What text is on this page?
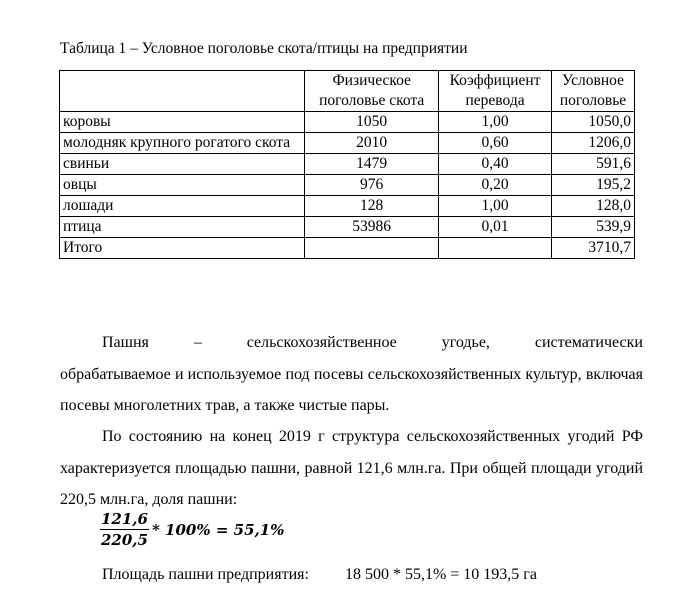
Таблица 1 – Условное поголовье скота/птицы на предприятии
	Физическое поголовье скота	Коэффициент перевода	Условное поголовье
коровы	1050	1,00	1050,0
молодняк крупного рогатого скота	2010	0,60	1206,0
свиньи	1479	0,40	591,6
овцы	976	0,20	195,2
лошади	128	1,00	128,0
птица	53986	0,01	539,9
Итого			3710,7
Пашня	–	сельскохозяйственное	угодье,	систематически
обрабатываемое и используемое под посевы сельскохозяйственных культур, включая посевы многолетних трав, а также чистые пары.
По состоянию на конец 2019 г структура сельскохозяйственных угодий РФ характеризуется площадью пашни, равной 121,6 млн.га. При общей площади угодий 220,5 млн.га, доля пашни:
$\frac{121,6}{220,5} * 100\% = 55,1\%$
Площадь пашни предприятия: 18 500 * 55,1% = 10 193,5 га
